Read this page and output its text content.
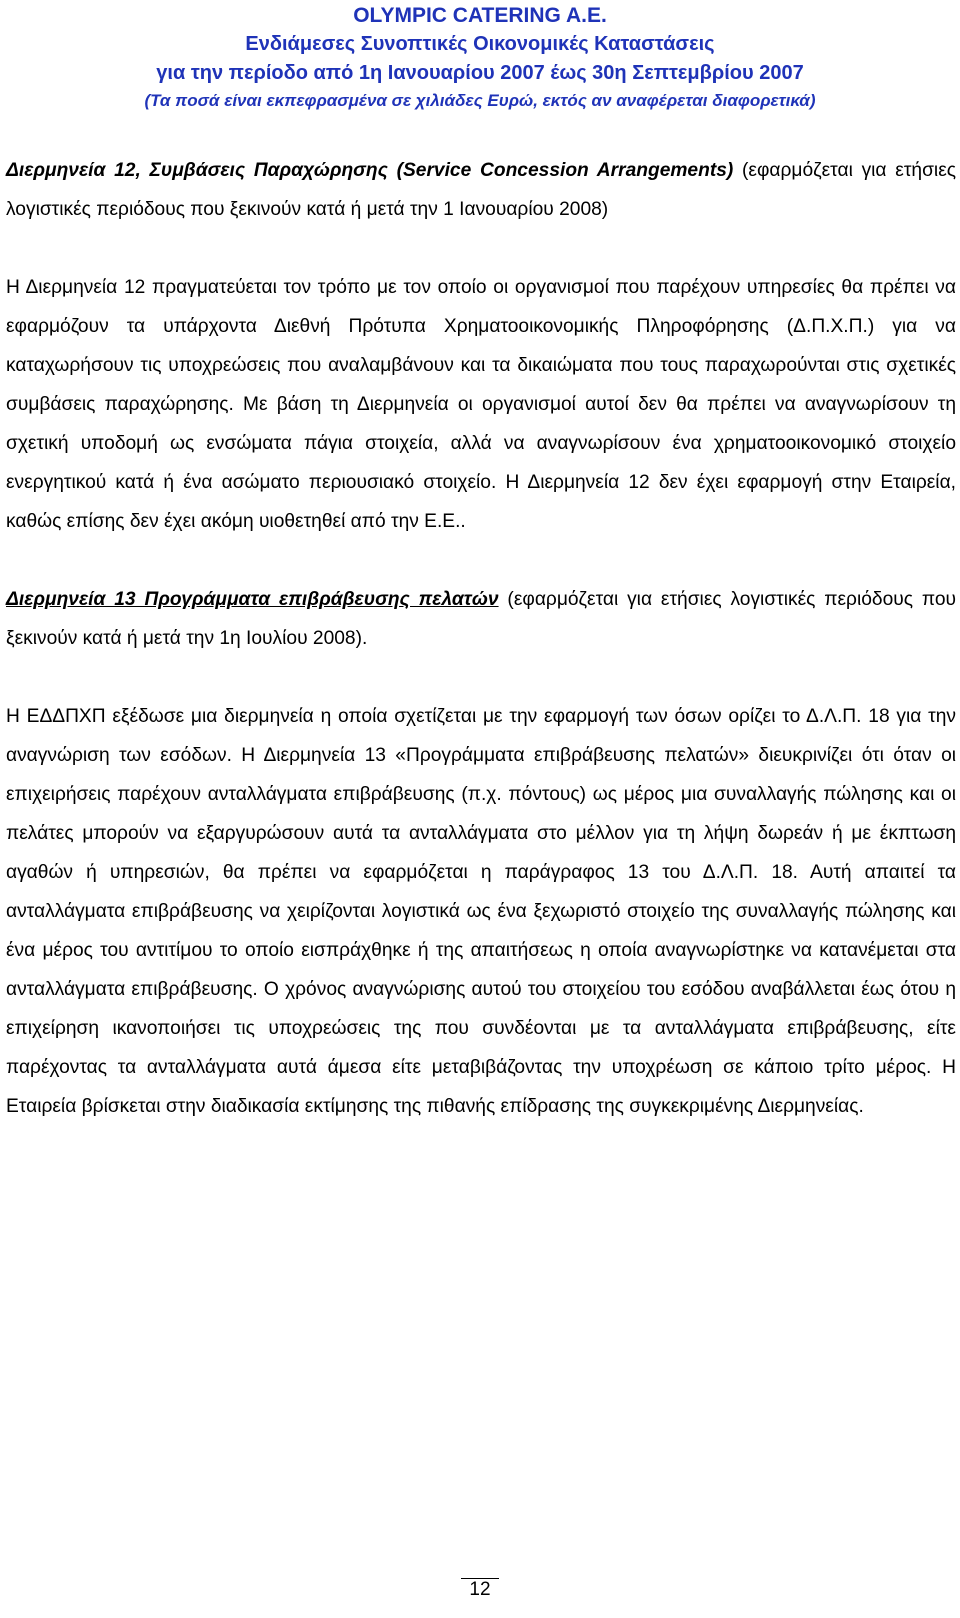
OLYMPIC CATERING A.E.
Ενδιάμεσες Συνοπτικές Οικονομικές Καταστάσεις
για την περίοδο από 1η Ιανουαρίου 2007 έως 30η Σεπτεμβρίου 2007
(Τα ποσά είναι εκπεφρασμένα σε χιλιάδες Ευρώ, εκτός αν αναφέρεται διαφορετικά)

Διερμηνεία 12, Συμβάσεις Παραχώρησης (Service Concession Arrangements) (εφαρμόζεται για ετήσιες λογιστικές περιόδους που ξεκινούν κατά ή μετά την 1 Ιανουαρίου 2008)

Η Διερμηνεία 12 πραγματεύεται τον τρόπο με τον οποίο οι οργανισμοί που παρέχουν υπηρεσίες θα πρέπει να εφαρμόζουν τα υπάρχοντα Διεθνή Πρότυπα Χρηματοοικονομικής Πληροφόρησης (Δ.Π.Χ.Π.) για να καταχωρήσουν τις υποχρεώσεις που αναλαμβάνουν και τα δικαιώματα που τους παραχωρούνται στις σχετικές συμβάσεις παραχώρησης. Με βάση τη Διερμηνεία οι οργανισμοί αυτοί δεν θα πρέπει να αναγνωρίσουν τη σχετική υποδομή ως ενσώματα πάγια στοιχεία, αλλά να αναγνωρίσουν ένα χρηματοοικονομικό στοιχείο ενεργητικού κατά ή ένα ασώματο περιουσιακό στοιχείο. Η Διερμηνεία 12 δεν έχει εφαρμογή στην Εταιρεία, καθώς επίσης δεν έχει ακόμη υιοθετηθεί από την Ε.Ε..

Διερμηνεία 13 Προγράμματα επιβράβευσης πελατών (εφαρμόζεται για ετήσιες λογιστικές περιόδους που ξεκινούν κατά ή μετά την 1η Ιουλίου 2008).

Η ΕΔΔΠΧΠ εξέδωσε μια διερμηνεία η οποία σχετίζεται με την εφαρμογή των όσων ορίζει το Δ.Λ.Π. 18 για την αναγνώριση των εσόδων. Η Διερμηνεία 13 «Προγράμματα επιβράβευσης πελατών» διευκρινίζει ότι όταν οι επιχειρήσεις παρέχουν ανταλλάγματα επιβράβευσης (π.χ. πόντους) ως μέρος μια συναλλαγής πώλησης και οι πελάτες μπορούν να εξαργυρώσουν αυτά τα ανταλλάγματα στο μέλλον για τη λήψη δωρεάν ή με έκπτωση αγαθών ή υπηρεσιών, θα πρέπει να εφαρμόζεται η παράγραφος 13 του Δ.Λ.Π. 18. Αυτή απαιτεί τα ανταλλάγματα επιβράβευσης να χειρίζονται λογιστικά ως ένα ξεχωριστό στοιχείο της συναλλαγής πώλησης και ένα μέρος του αντιτίμου το οποίο εισπράχθηκε ή της απαιτήσεως η οποία αναγνωρίστηκε να κατανέμεται στα ανταλλάγματα επιβράβευσης. Ο χρόνος αναγνώρισης αυτού του στοιχείου του εσόδου αναβάλλεται έως ότου η επιχείρηση ικανοποιήσει τις υποχρεώσεις της που συνδέονται με τα ανταλλάγματα επιβράβευσης, είτε παρέχοντας τα ανταλλάγματα αυτά άμεσα είτε μεταβιβάζοντας την υποχρέωση σε κάποιο τρίτο μέρος. Η Εταιρεία βρίσκεται στην διαδικασία εκτίμησης της πιθανής επίδρασης της συγκεκριμένης Διερμηνείας.

12
